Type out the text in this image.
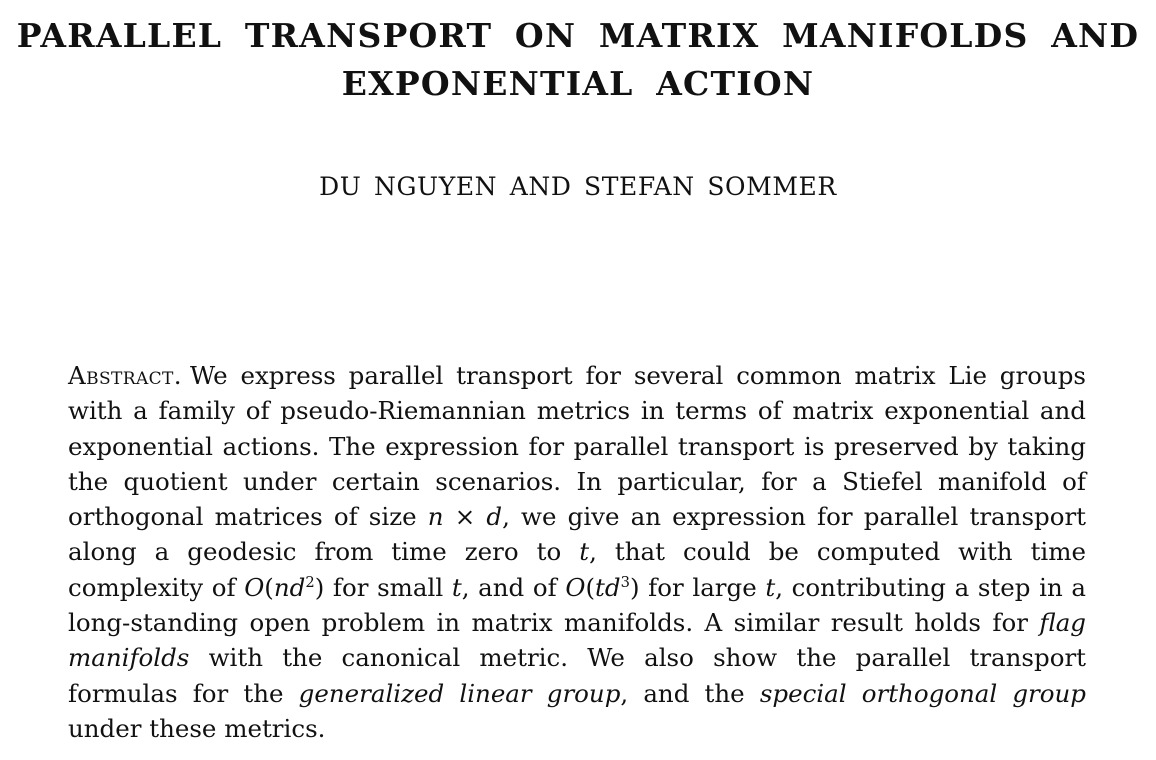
PARALLEL TRANSPORT ON MATRIX MANIFOLDS AND
EXPONENTIAL ACTION
DU NGUYEN AND STEFAN SOMMER
Abstract. We express parallel transport for several common matrix Lie groups with a family of pseudo-Riemannian metrics in terms of matrix exponential and exponential actions. The expression for parallel transport is preserved by taking the quotient under certain scenarios. In particular, for a Stiefel manifold of orthogonal matrices of size n × d, we give an expression for parallel transport along a geodesic from time zero to t, that could be computed with time complexity of $O(nd^2)$ for small t, and of $O(td^3)$ for large t, contributing a step in a long-standing open problem in matrix manifolds. A similar result holds for flag manifolds with the canonical metric. We also show the parallel transport formulas for the generalized linear group, and the special orthogonal group under these metrics.
